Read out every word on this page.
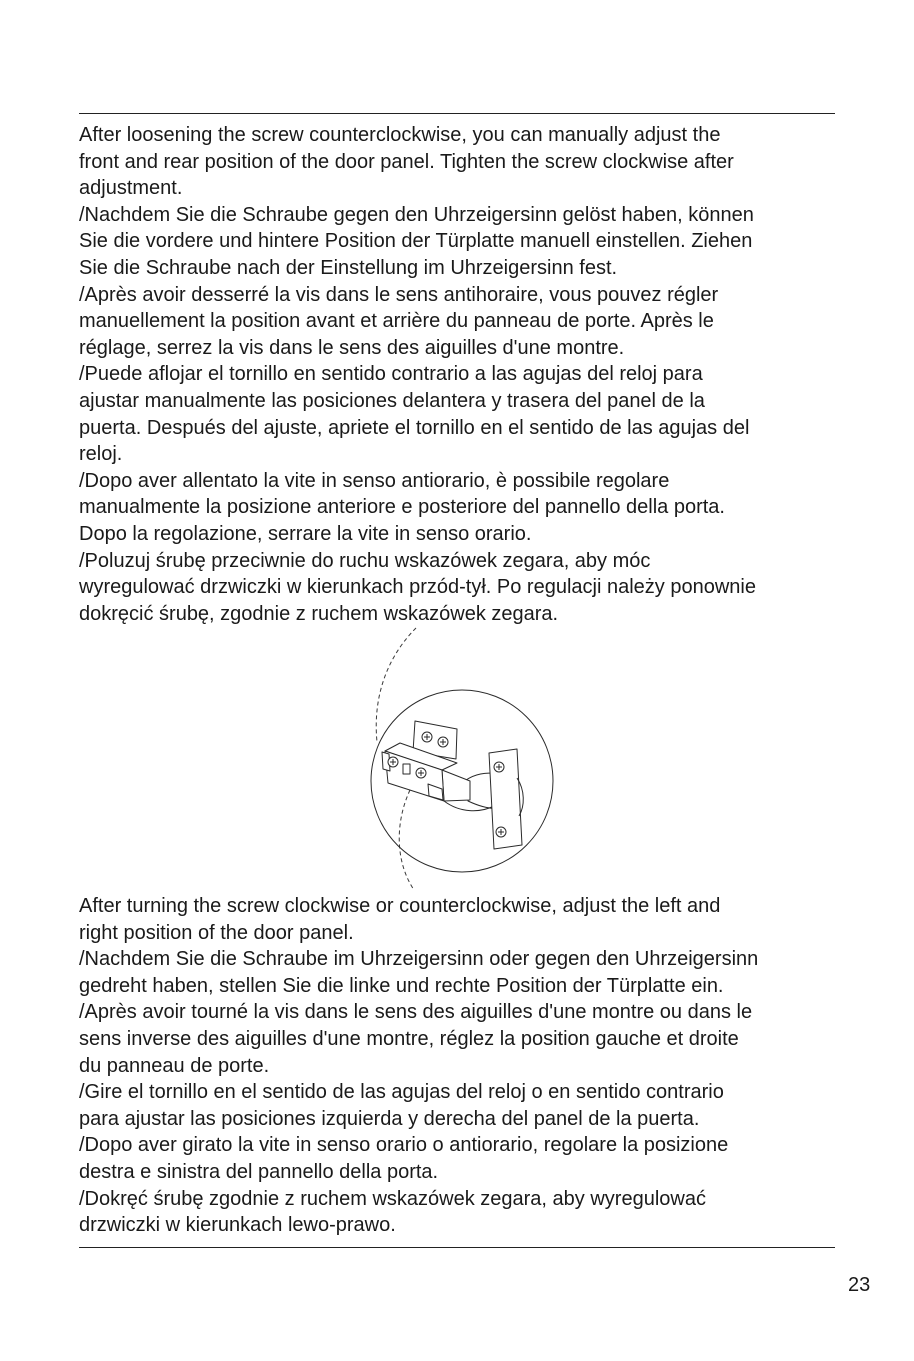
After loosening the screw counterclockwise, you can manually adjust the
front and rear position of the door panel. Tighten the screw clockwise after
adjustment.
/Nachdem Sie die Schraube gegen den Uhrzeigersinn gelöst haben, können
Sie die vordere und hintere Position der Türplatte manuell einstellen. Ziehen
Sie die Schraube nach der Einstellung im Uhrzeigersinn fest.
/Après avoir desserré la vis dans le sens antihoraire, vous pouvez régler
manuellement la position avant et arrière du panneau de porte. Après le
réglage, serrez la vis dans le sens des aiguilles d'une montre.
/Puede aflojar el tornillo en sentido contrario a las agujas del reloj para
ajustar manualmente las posiciones delantera y trasera del panel de la
puerta. Después del ajuste, apriete el tornillo en el sentido de las agujas del
reloj.
/Dopo aver allentato la vite in senso antiorario, è possibile regolare
manualmente la posizione anteriore e posteriore del pannello della porta.
Dopo la regolazione, serrare la vite in senso orario.
/Poluzuj śrubę przeciwnie do ruchu wskazówek zegara, aby móc
wyregulować drzwiczki w kierunkach przód-tył. Po regulacji należy ponownie
dokręcić śrubę, zgodnie z ruchem wskazówek zegara.
After turning the screw clockwise or counterclockwise, adjust the left and
right position of the door panel.
/Nachdem Sie die Schraube im Uhrzeigersinn oder gegen den Uhrzeigersinn
gedreht haben, stellen Sie die linke und rechte Position der Türplatte ein.
/Après avoir tourné la vis dans le sens des aiguilles d'une montre ou dans le
sens inverse des aiguilles d'une montre, réglez la position gauche et droite
du panneau de porte.
/Gire el tornillo en el sentido de las agujas del reloj o en sentido contrario
para ajustar las posiciones izquierda y derecha del panel de la puerta.
/Dopo aver girato la vite in senso orario o antiorario, regolare la posizione
destra e sinistra del pannello della porta.
/Dokręć śrubę zgodnie z ruchem wskazówek zegara, aby wyregulować
drzwiczki w kierunkach lewo-prawo.
23
